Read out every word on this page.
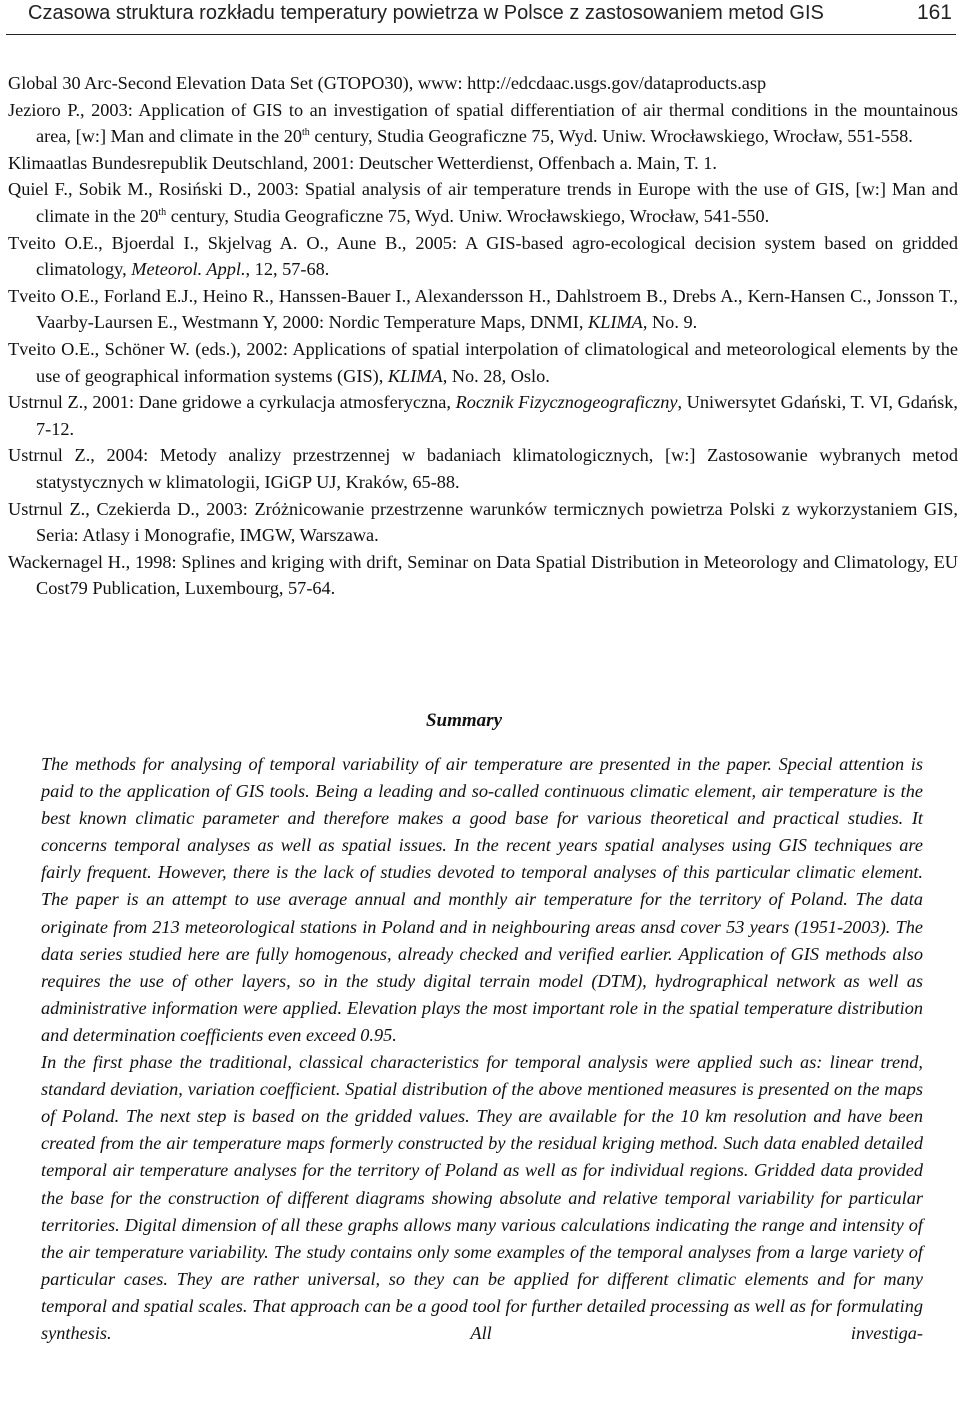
Czasowa struktura rozkładu temperatury powietrza w Polsce z zastosowaniem metod GIS	161
Global 30 Arc-Second Elevation Data Set (GTOPO30), www: http://edcdaac.usgs.gov/dataproducts.asp
Jezioro P., 2003: Application of GIS to an investigation of spatial differentiation of air thermal conditions in the mountainous area, [w:] Man and climate in the 20th century, Studia Geograficzne 75, Wyd. Uniw. Wrocławskiego, Wrocław, 551-558.
Klimaatlas Bundesrepublik Deutschland, 2001: Deutscher Wetterdienst, Offenbach a. Main, T. 1.
Quiel F., Sobik M., Rosiński D., 2003: Spatial analysis of air temperature trends in Europe with the use of GIS, [w:] Man and climate in the 20th century, Studia Geograficzne 75, Wyd. Uniw. Wrocławskiego, Wrocław, 541-550.
Tveito O.E., Bjoerdal I., Skjelvag A. O., Aune B., 2005: A GIS-based agro-ecological decision system based on gridded climatology, Meteorol. Appl., 12, 57-68.
Tveito O.E., Forland E.J., Heino R., Hanssen-Bauer I., Alexandersson H., Dahlstroem B., Drebs A., Kern-Hansen C., Jonsson T., Vaarby-Laursen E., Westmann Y, 2000: Nordic Temperature Maps, DNMI, KLIMA, No. 9.
Tveito O.E., Schöner W. (eds.), 2002: Applications of spatial interpolation of climatological and meteorological elements by the use of geographical information systems (GIS), KLIMA, No. 28, Oslo.
Ustrnul Z., 2001: Dane gridowe a cyrkulacja atmosferyczna, Rocznik Fizycznogeograficzny, Uniwersytet Gdański, T. VI, Gdańsk, 7-12.
Ustrnul Z., 2004: Metody analizy przestrzennej w badaniach klimatologicznych, [w:] Zastosowanie wybranych metod statystycznych w klimatologii, IGiGP UJ, Kraków, 65-88.
Ustrnul Z., Czekierda D., 2003: Zróżnicowanie przestrzenne warunków termicznych powietrza Polski z wykorzystaniem GIS, Seria: Atlasy i Monografie, IMGW, Warszawa.
Wackernagel H., 1998: Splines and kriging with drift, Seminar on Data Spatial Distribution in Meteorology and Climatology, EU Cost79 Publication, Luxembourg, 57-64.
Summary

The methods for analysing of temporal variability of air temperature are presented in the paper. Special attention is paid to the application of GIS tools. Being a leading and so-called continuous climatic element, air temperature is the best known climatic parameter and therefore makes a good base for various theoretical and practical studies. It concerns temporal analyses as well as spatial issues. In the recent years spatial analyses using GIS techniques are fairly frequent. However, there is the lack of studies devoted to temporal analyses of this particular climatic element. The paper is an attempt to use average annual and monthly air temperature for the territory of Poland. The data originate from 213 meteorological stations in Poland and in neighbouring areas ansd cover 53 years (1951-2003). The data series studied here are fully homogenous, already checked and verified earlier. Application of GIS methods also requires the use of other layers, so in the study digital terrain model (DTM), hydrographical network as well as administrative information were applied. Elevation plays the most important role in the spatial temperature distribution and determination coefficients even exceed 0.95.

In the first phase the traditional, classical characteristics for temporal analysis were applied such as: linear trend, standard deviation, variation coefficient. Spatial distribution of the above mentioned measures is presented on the maps of Poland. The next step is based on the gridded values. They are available for the 10 km resolution and have been created from the air temperature maps formerly constructed by the residual kriging method. Such data enabled detailed temporal air temperature analyses for the territory of Poland as well as for individual regions. Gridded data provided the base for the construction of different diagrams showing absolute and relative temporal variability for particular territories. Digital dimension of all these graphs allows many various calculations indicating the range and intensity of the air temperature variability. The study contains only some examples of the temporal analyses from a large variety of particular cases. They are rather universal, so they can be applied for different climatic elements and for many temporal and spatial scales. That approach can be a good tool for further detailed processing as well as for formulating synthesis. All investiga-
